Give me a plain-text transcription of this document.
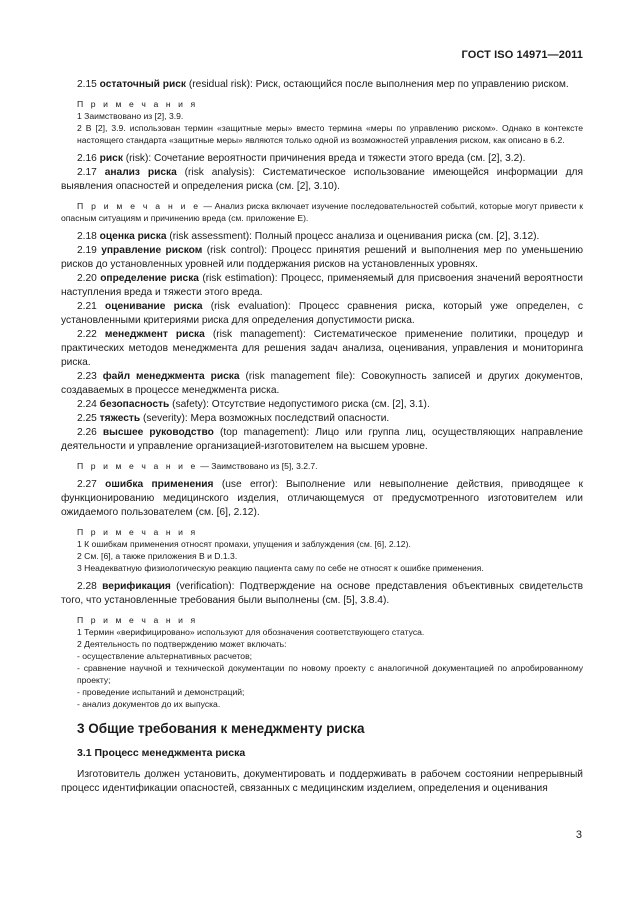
ГОСТ ISO 14971—2011

2.15 остаточный риск (residual risk): Риск, остающийся после выполнения мер по управлению риском.

П р и м е ч а н и я
1 Заимствовано из [2], 3.9.
2 В [2], 3.9. использован термин «защитные меры» вместо термина «меры по управлению риском». Однако в контексте настоящего стандарта «защитные меры» являются только одной из возможностей управления риском, как описано в 6.2.

2.16 риск (risk): Сочетание вероятности причинения вреда и тяжести этого вреда (см. [2], 3.2).

2.17 анализ риска (risk analysis): Систематическое использование имеющейся информации для выявления опасностей и определения риска (см. [2], 3.10).

П р и м е ч а н и е — Анализ риска включает изучение последовательностей событий, которые могут привести к опасным ситуациям и причинению вреда (см. приложение Е).

2.18 оценка риска (risk assessment): Полный процесс анализа и оценивания риска (см. [2], 3.12).

2.19 управление риском (risk control): Процесс принятия решений и выполнения мер по уменьшению рисков до установленных уровней или поддержания рисков на установленных уровнях.

2.20 определение риска (risk estimation): Процесс, применяемый для присвоения значений вероятности наступления вреда и тяжести этого вреда.

2.21 оценивание риска (risk evaluation): Процесс сравнения риска, который уже определен, с установленными критериями риска для определения допустимости риска.

2.22 менеджмент риска (risk management): Систематическое применение политики, процедур и практических методов менеджмента для решения задач анализа, оценивания, управления и мониторинга риска.

2.23 файл менеджмента риска (risk management file): Совокупность записей и других документов, создаваемых в процессе менеджмента риска.

2.24 безопасность (safety): Отсутствие недопустимого риска (см. [2], 3.1).

2.25 тяжесть (severity): Мера возможных последствий опасности.

2.26 высшее руководство (top management): Лицо или группа лиц, осуществляющих направление деятельности и управление организацией-изготовителем на высшем уровне.

П р и м е ч а н и е — Заимствовано из [5], 3.2.7.

2.27 ошибка применения (use error): Выполнение или невыполнение действия, приводящее к функционированию медицинского изделия, отличающемуся от предусмотренного изготовителем или ожидаемого пользователем (см. [6], 2.12).

П р и м е ч а н и я
1 К ошибкам применения относят промахи, упущения и заблуждения (см. [6], 2.12).
2 См. [6], а также приложения В и D.1.3.
3 Неадекватную физиологическую реакцию пациента саму по себе не относят к ошибке применения.

2.28 верификация (verification): Подтверждение на основе представления объективных свидетельств того, что установленные требования были выполнены (см. [5], 3.8.4).

П р и м е ч а н и я
1 Термин «верифицировано» используют для обозначения соответствующего статуса.
2 Деятельность по подтверждению может включать:
- осуществление альтернативных расчетов;
- сравнение научной и технической документации по новому проекту с аналогичной документацией по апробированному проекту;
- проведение испытаний и демонстраций;
- анализ документов до их выпуска.
3 Общие требования к менеджменту риска
3.1 Процесс менеджмента риска

Изготовитель должен установить, документировать и поддерживать в рабочем состоянии непрерывный процесс идентификации опасностей, связанных с медицинским изделием, определения и оценивания

3
